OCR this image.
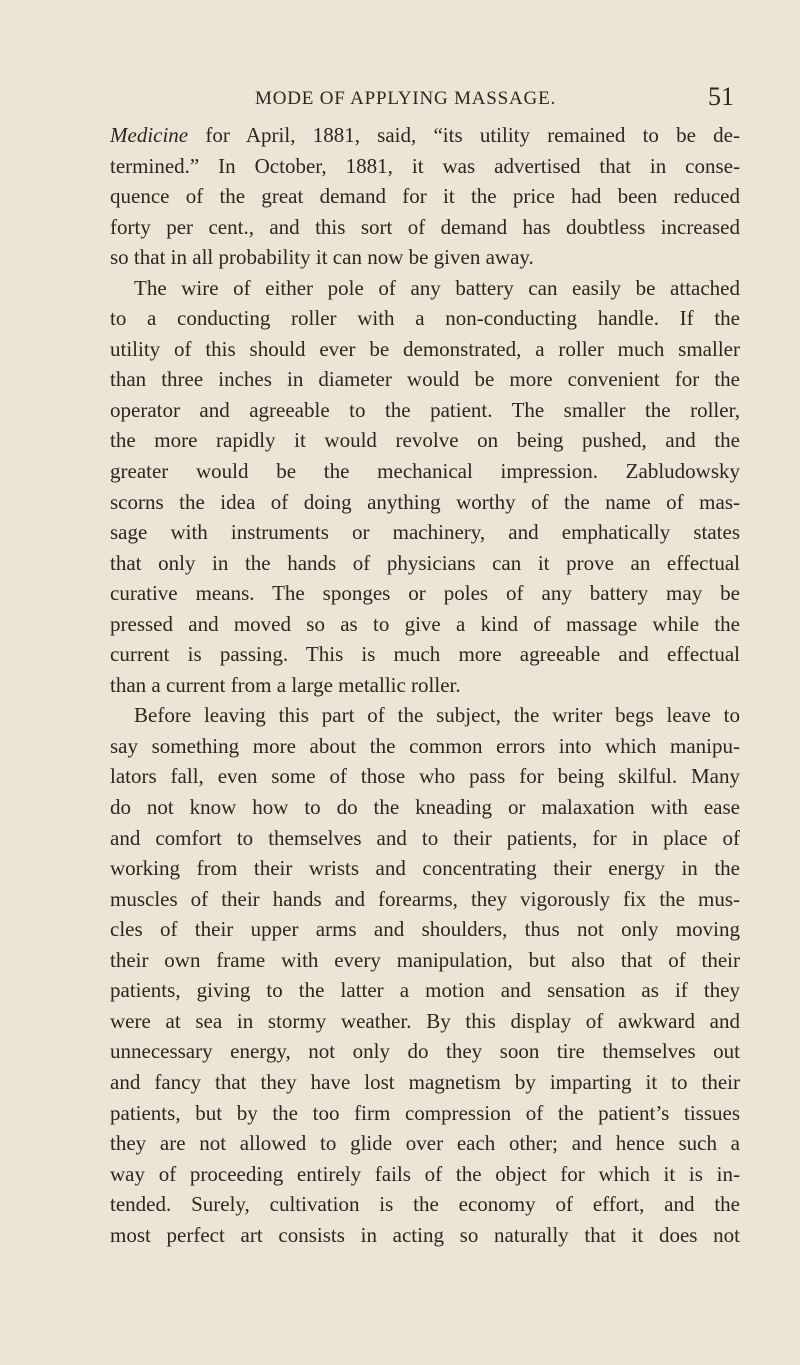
MODE OF APPLYING MASSAGE.	51
Medicine for April, 1881, said, “its utility remained to be de-
termined.” In October, 1881, it was advertised that in conse-
quence of the great demand for it the price had been reduced
forty per cent., and this sort of demand has doubtless increased
so that in all probability it can now be given away.
The wire of either pole of any battery can easily be attached
to a conducting roller with a non-conducting handle. If the
utility of this should ever be demonstrated, a roller much smaller
than three inches in diameter would be more convenient for the
operator and agreeable to the patient. The smaller the roller,
the more rapidly it would revolve on being pushed, and the
greater would be the mechanical impression. Zabludowsky
scorns the idea of doing anything worthy of the name of mas-
sage with instruments or machinery, and emphatically states
that only in the hands of physicians can it prove an effectual
curative means. The sponges or poles of any battery may be
pressed and moved so as to give a kind of massage while the
current is passing. This is much more agreeable and effectual
than a current from a large metallic roller.
Before leaving this part of the subject, the writer begs leave to
say something more about the common errors into which manipu-
lators fall, even some of those who pass for being skilful. Many
do not know how to do the kneading or malaxation with ease
and comfort to themselves and to their patients, for in place of
working from their wrists and concentrating their energy in the
muscles of their hands and forearms, they vigorously fix the mus-
cles of their upper arms and shoulders, thus not only moving
their own frame with every manipulation, but also that of their
patients, giving to the latter a motion and sensation as if they
were at sea in stormy weather. By this display of awkward and
unnecessary energy, not only do they soon tire themselves out
and fancy that they have lost magnetism by imparting it to their
patients, but by the too firm compression of the patient’s tissues
they are not allowed to glide over each other; and hence such a
way of proceeding entirely fails of the object for which it is in-
tended. Surely, cultivation is the economy of effort, and the
most perfect art consists in acting so naturally that it does not
